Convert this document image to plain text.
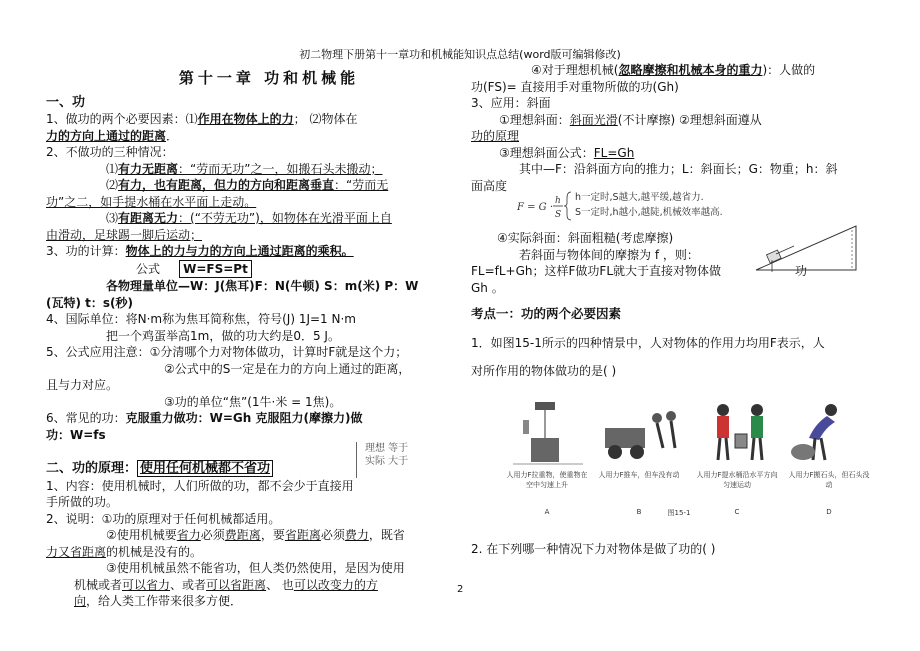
初二物理下册第十一章功和机械能知识点总结(word版可编辑修改)

第十一章 功和机械能

一、功

1、做功的两个必要因素：⑴作用在物体上的力； ⑵物体在

力的方向上通过的距离．

2、不做功的三种情况：

⑴有力无距离：“劳而无功”之一，如搬石头未搬动；

⑵有力，也有距离，但力的方向和距离垂直：“劳而无

功”之二，如手提水桶在水平面上走动。

⑶有距离无力：(“不劳无功”)，如物体在光滑平面上自

由滑动，足球踢一脚后运动；

3、功的计算：物体上的力与力的方向上通过距离的乘积。

公式 W=FS=Pt

各物理量单位—W：J(焦耳)F：N(牛顿) S：m(米) P：W

(瓦特) t：s(秒)

4、国际单位：将N·m称为焦耳简称焦，符号(J) 1J=1 N·m

把一个鸡蛋举高1m，做的功大约是0．5 J。

5、公式应用注意：①分清哪个力对物体做功，计算时F就是这个力；

②公式中的S一定是在力的方向上通过的距离，

且与力对应。

③功的单位“焦”(1牛·米 = 1焦)。

6、常见的功：克服重力做功：W=Gh 克服阻力(摩擦力)做

功：W=fs

二、功的原理： 使用任何机械都不省功

1、内容：使用机械时，人们所做的功，都不会少于直接用

手所做的功。

2、说明：①功的原理对于任何机械都适用。

②使用机械要省力必须费距离，要省距离必须费力，既省

力又省距离的机械是没有的。

③使用机械虽然不能省功，但人类仍然使用，是因为使用

机械或者可以省力、或者可以省距离、 也可以改变力的方

向，给人类工作带来很多方便．

理想 等于
实际 大于

④对于理想机械(忽略摩擦和机械本身的重力)：人做的

功(FS)= 直接用手对重物所做的功(Gh)

3、应用：斜面

①理想斜面：斜面光滑(不计摩擦) ②理想斜面遵从

功的原理

③理想斜面公式：FL=Gh

其中—F：沿斜面方向的推力；L：斜面长；G：物重；h：斜

面高度

④实际斜面：斜面粗糙(考虑摩擦)

若斜面与物体间的摩擦为 f ，则：

FL=fL+Gh；这样F做功FL就大于直接对物体做	功

Gh 。

考点一：功的两个必要因素

1．如图15-1所示的四种情景中，人对物体的作用力均用F表示，人

对所作用的物体做功的是( )

F = G ·
h
S
h一定时,S越大,越平缓,越省力.
S一定时,h越小,越陡,机械效率越高.
人用力F拉重物，使重物在空中匀速上升
A
人用力F推车，但车没有动
B	图15-1
人用力F提水桶沿水平方向匀速运动
C
人用力F搬石头，但石头没动
D
2. 在下列哪一种情况下力对物体是做了功的( )
2
